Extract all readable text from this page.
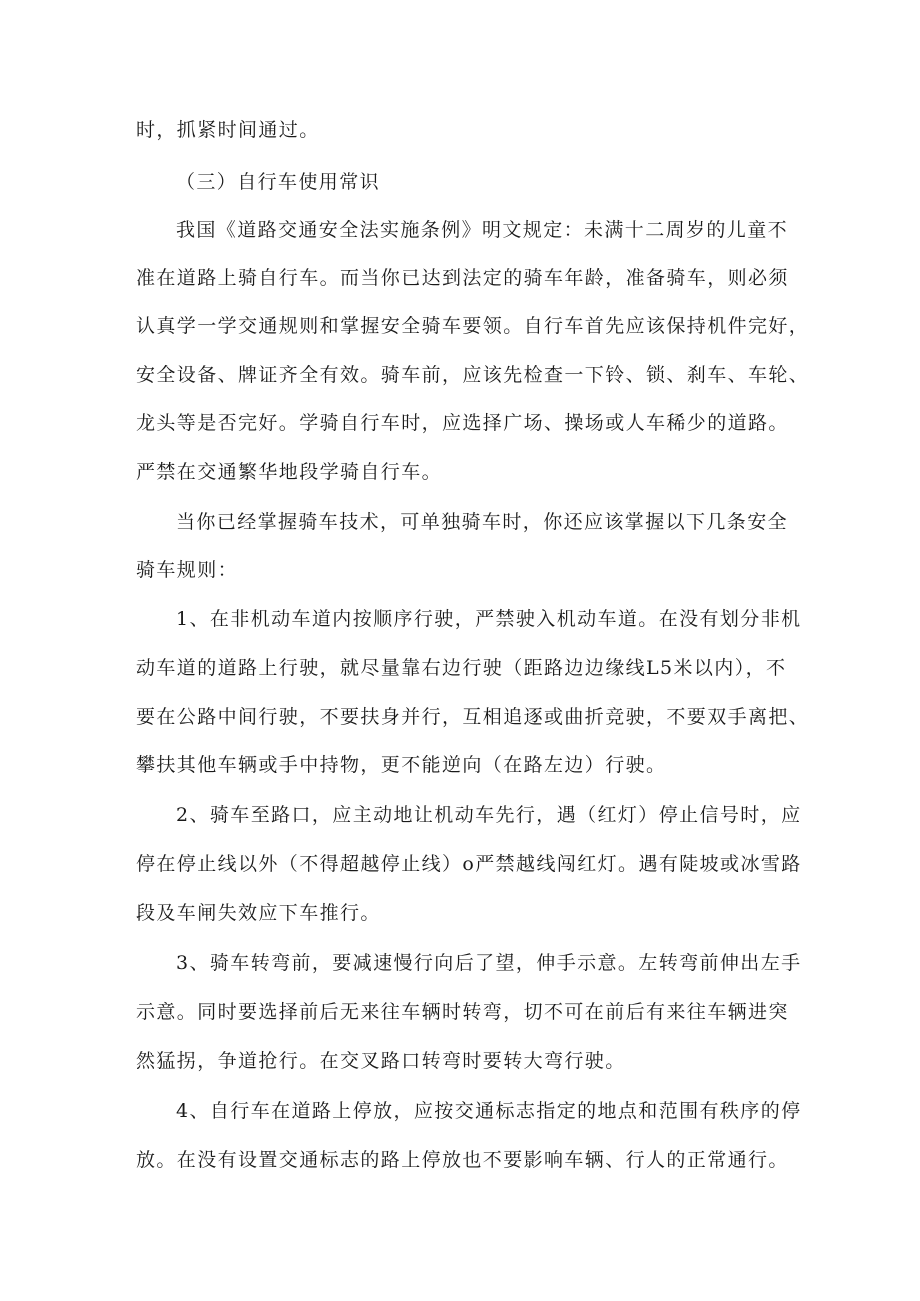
时，抓紧时间通过。
（三）自行车使用常识
我国《道路交通安全法实施条例》明文规定：未满十二周岁的儿童不
准在道路上骑自行车。而当你已达到法定的骑车年龄，准备骑车，则必须
认真学一学交通规则和掌握安全骑车要领。自行车首先应该保持机件完好，
安全设备、牌证齐全有效。骑车前，应该先检查一下铃、锁、刹车、车轮、
龙头等是否完好。学骑自行车时，应选择广场、操场或人车稀少的道路。
严禁在交通繁华地段学骑自行车。
当你已经掌握骑车技术，可单独骑车时，你还应该掌握以下几条安全
骑车规则：
1、在非机动车道内按顺序行驶，严禁驶入机动车道。在没有划分非机
动车道的道路上行驶，就尽量靠右边行驶（距路边边缘线L5米以内），不
要在公路中间行驶，不要扶身并行，互相追逐或曲折竞驶，不要双手离把、
攀扶其他车辆或手中持物，更不能逆向（在路左边）行驶。
2、骑车至路口，应主动地让机动车先行，遇（红灯）停止信号时，应
停在停止线以外（不得超越停止线）o严禁越线闯红灯。遇有陡坡或冰雪路
段及车闸失效应下车推行。
3、骑车转弯前，要减速慢行向后了望，伸手示意。左转弯前伸出左手
示意。同时要选择前后无来往车辆时转弯，切不可在前后有来往车辆进突
然猛拐，争道抢行。在交叉路口转弯时要转大弯行驶。
4、自行车在道路上停放，应按交通标志指定的地点和范围有秩序的停
放。在没有设置交通标志的路上停放也不要影响车辆、行人的正常通行。
